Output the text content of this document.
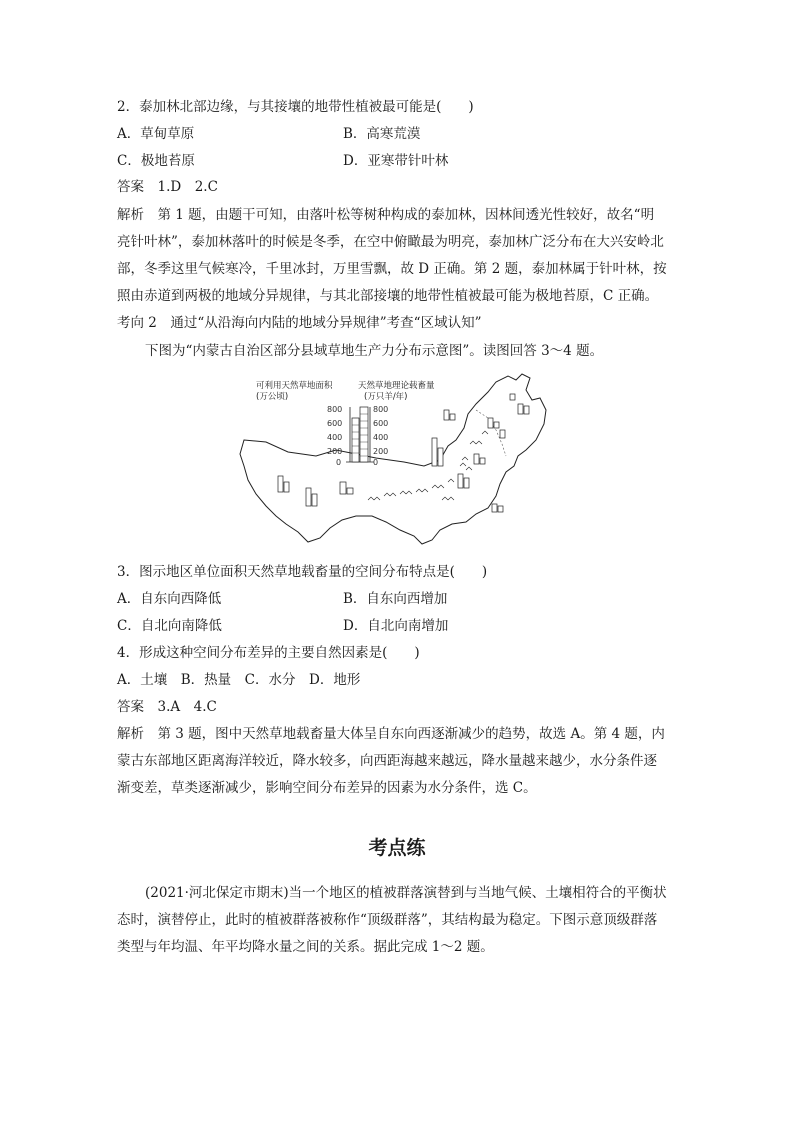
2．泰加林北部边缘，与其接壤的地带性植被最可能是(　　)
A．草甸草原	B．高寒荒漠
C．极地苔原	D．亚寒带针叶林
答案　1.D　2.C
解析　第 1 题，由题干可知，由落叶松等树种构成的泰加林，因林间透光性较好，故名“明
亮针叶林”，泰加林落叶的时候是冬季，在空中俯瞰最为明亮，泰加林广泛分布在大兴安岭北
部，冬季这里气候寒冷，千里冰封，万里雪飘，故 D 正确。第 2 题，泰加林属于针叶林，按
照由赤道到两极的地域分异规律，与其北部接壤的地带性植被最可能为极地苔原，C 正确。
考向 2　通过“从沿海向内陆的地域分异规律”考查“区域认知”
下图为“内蒙古自治区部分县域草地生产力分布示意图”。读图回答 3～4 题。
可利用天然草地面积
(万公顷)
天然草地理论载畜量
(万只羊/年)
800
600
400
200
0
800
600
400
200
0
3．图示地区单位面积天然草地载畜量的空间分布特点是(　　)
A．自东向西降低	B．自东向西增加
C．自北向南降低	D．自北向南增加
4．形成这种空间分布差异的主要自然因素是(　　)
A．土壤　B．热量　C．水分　D．地形
答案　3.A　4.C
解析　第 3 题，图中天然草地载畜量大体呈自东向西逐渐减少的趋势，故选 A。第 4 题，内
蒙古东部地区距离海洋较近，降水较多，向西距海越来越远，降水量越来越少，水分条件逐
渐变差，草类逐渐减少，影响空间分布差异的因素为水分条件，选 C。
考点练
(2021·河北保定市期末)当一个地区的植被群落演替到与当地气候、土壤相符合的平衡状
态时，演替停止，此时的植被群落被称作“顶级群落”，其结构最为稳定。下图示意顶级群落
类型与年均温、年平均降水量之间的关系。据此完成 1～2 题。
